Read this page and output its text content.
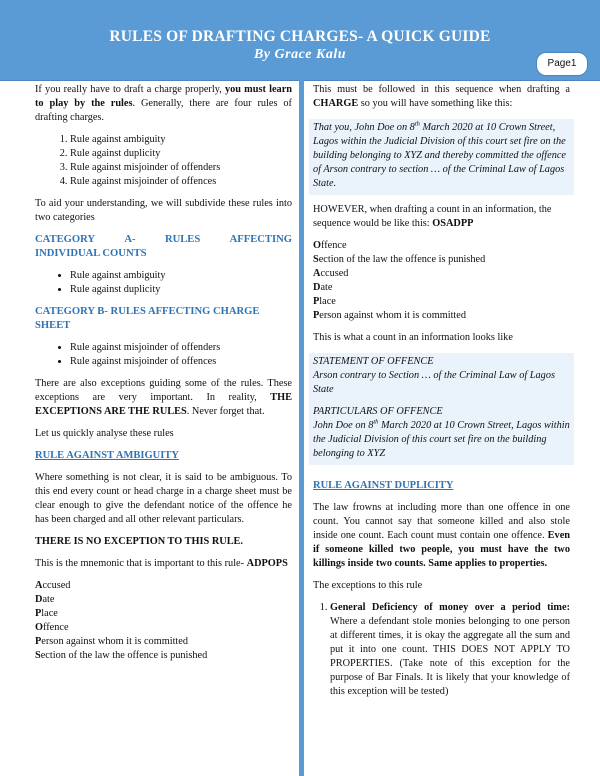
RULES OF DRAFTING CHARGES- A QUICK GUIDE
By Grace Kalu
Page1

If you really have to draft a charge properly, you must learn to play by the rules. Generally, there are four rules of drafting charges.

1. Rule against ambiguity
2. Rule against duplicity
3. Rule against misjoinder of offenders
4. Rule against misjoinder of offences

To aid your understanding, we will subdivide these rules into two categories

CATEGORY	A-	RULES	AFFECTING
INDIVIDUAL COUNTS
• Rule against ambiguity
• Rule against duplicity
CATEGORY B- RULES AFFECTING CHARGE SHEET
• Rule against misjoinder of offenders
• Rule against misjoinder of offences

There are also exceptions guiding some of the rules. These exceptions are very important. In reality, THE EXCEPTIONS ARE THE RULES. Never forget that.

Let us quickly analyse these rules

RULE AGAINST AMBIGUITY

Where something is not clear, it is said to be ambiguous. To this end every count or head charge in a charge sheet must be clear enough to give the defendant notice of the offence he has been charged and all other relevant particulars.

THERE IS NO EXCEPTION TO THIS RULE.

This is the mnemonic that is important to this rule- ADPOPS

Accused
Date
Place
Offence
Person against whom it is committed
Section of the law the offence is punished

This must be followed in this sequence when drafting a CHARGE so you will have something like this:

That you, John Doe on 8th March 2020 at 10 Crown Street, Lagos within the Judicial Division of this court set fire on the building belonging to XYZ and thereby committed the offence of Arson contrary to section … of the Criminal Law of Lagos State.

HOWEVER, when drafting a count in an information, the sequence would be like this: OSADPP

Offence
Section of the law the offence is punished
Accused
Date
Place
Person against whom it is committed

This is what a count in an information looks like

STATEMENT OF OFFENCE
Arson contrary to Section … of the Criminal Law of Lagos State
PARTICULARS OF OFFENCE
John Doe on 8th March 2020 at 10 Crown Street, Lagos within the Judicial Division of this court set fire on the building belonging to XYZ
RULE AGAINST DUPLICITY

The law frowns at including more than one offence in one count. You cannot say that someone killed and also stole inside one count. Each count must contain one offence. Even if someone killed two people, you must have the two killings inside two counts. Same applies to properties.

The exceptions to this rule

1. General Deficiency of money over a period time: Where a defendant stole monies belonging to one person at different times, it is okay the aggregate all the sum and put it into one count. THIS DOES NOT APPLY TO PROPERTIES. (Take note of this exception for the purpose of Bar Finals. It is likely that your knowledge of this exception will be tested)
